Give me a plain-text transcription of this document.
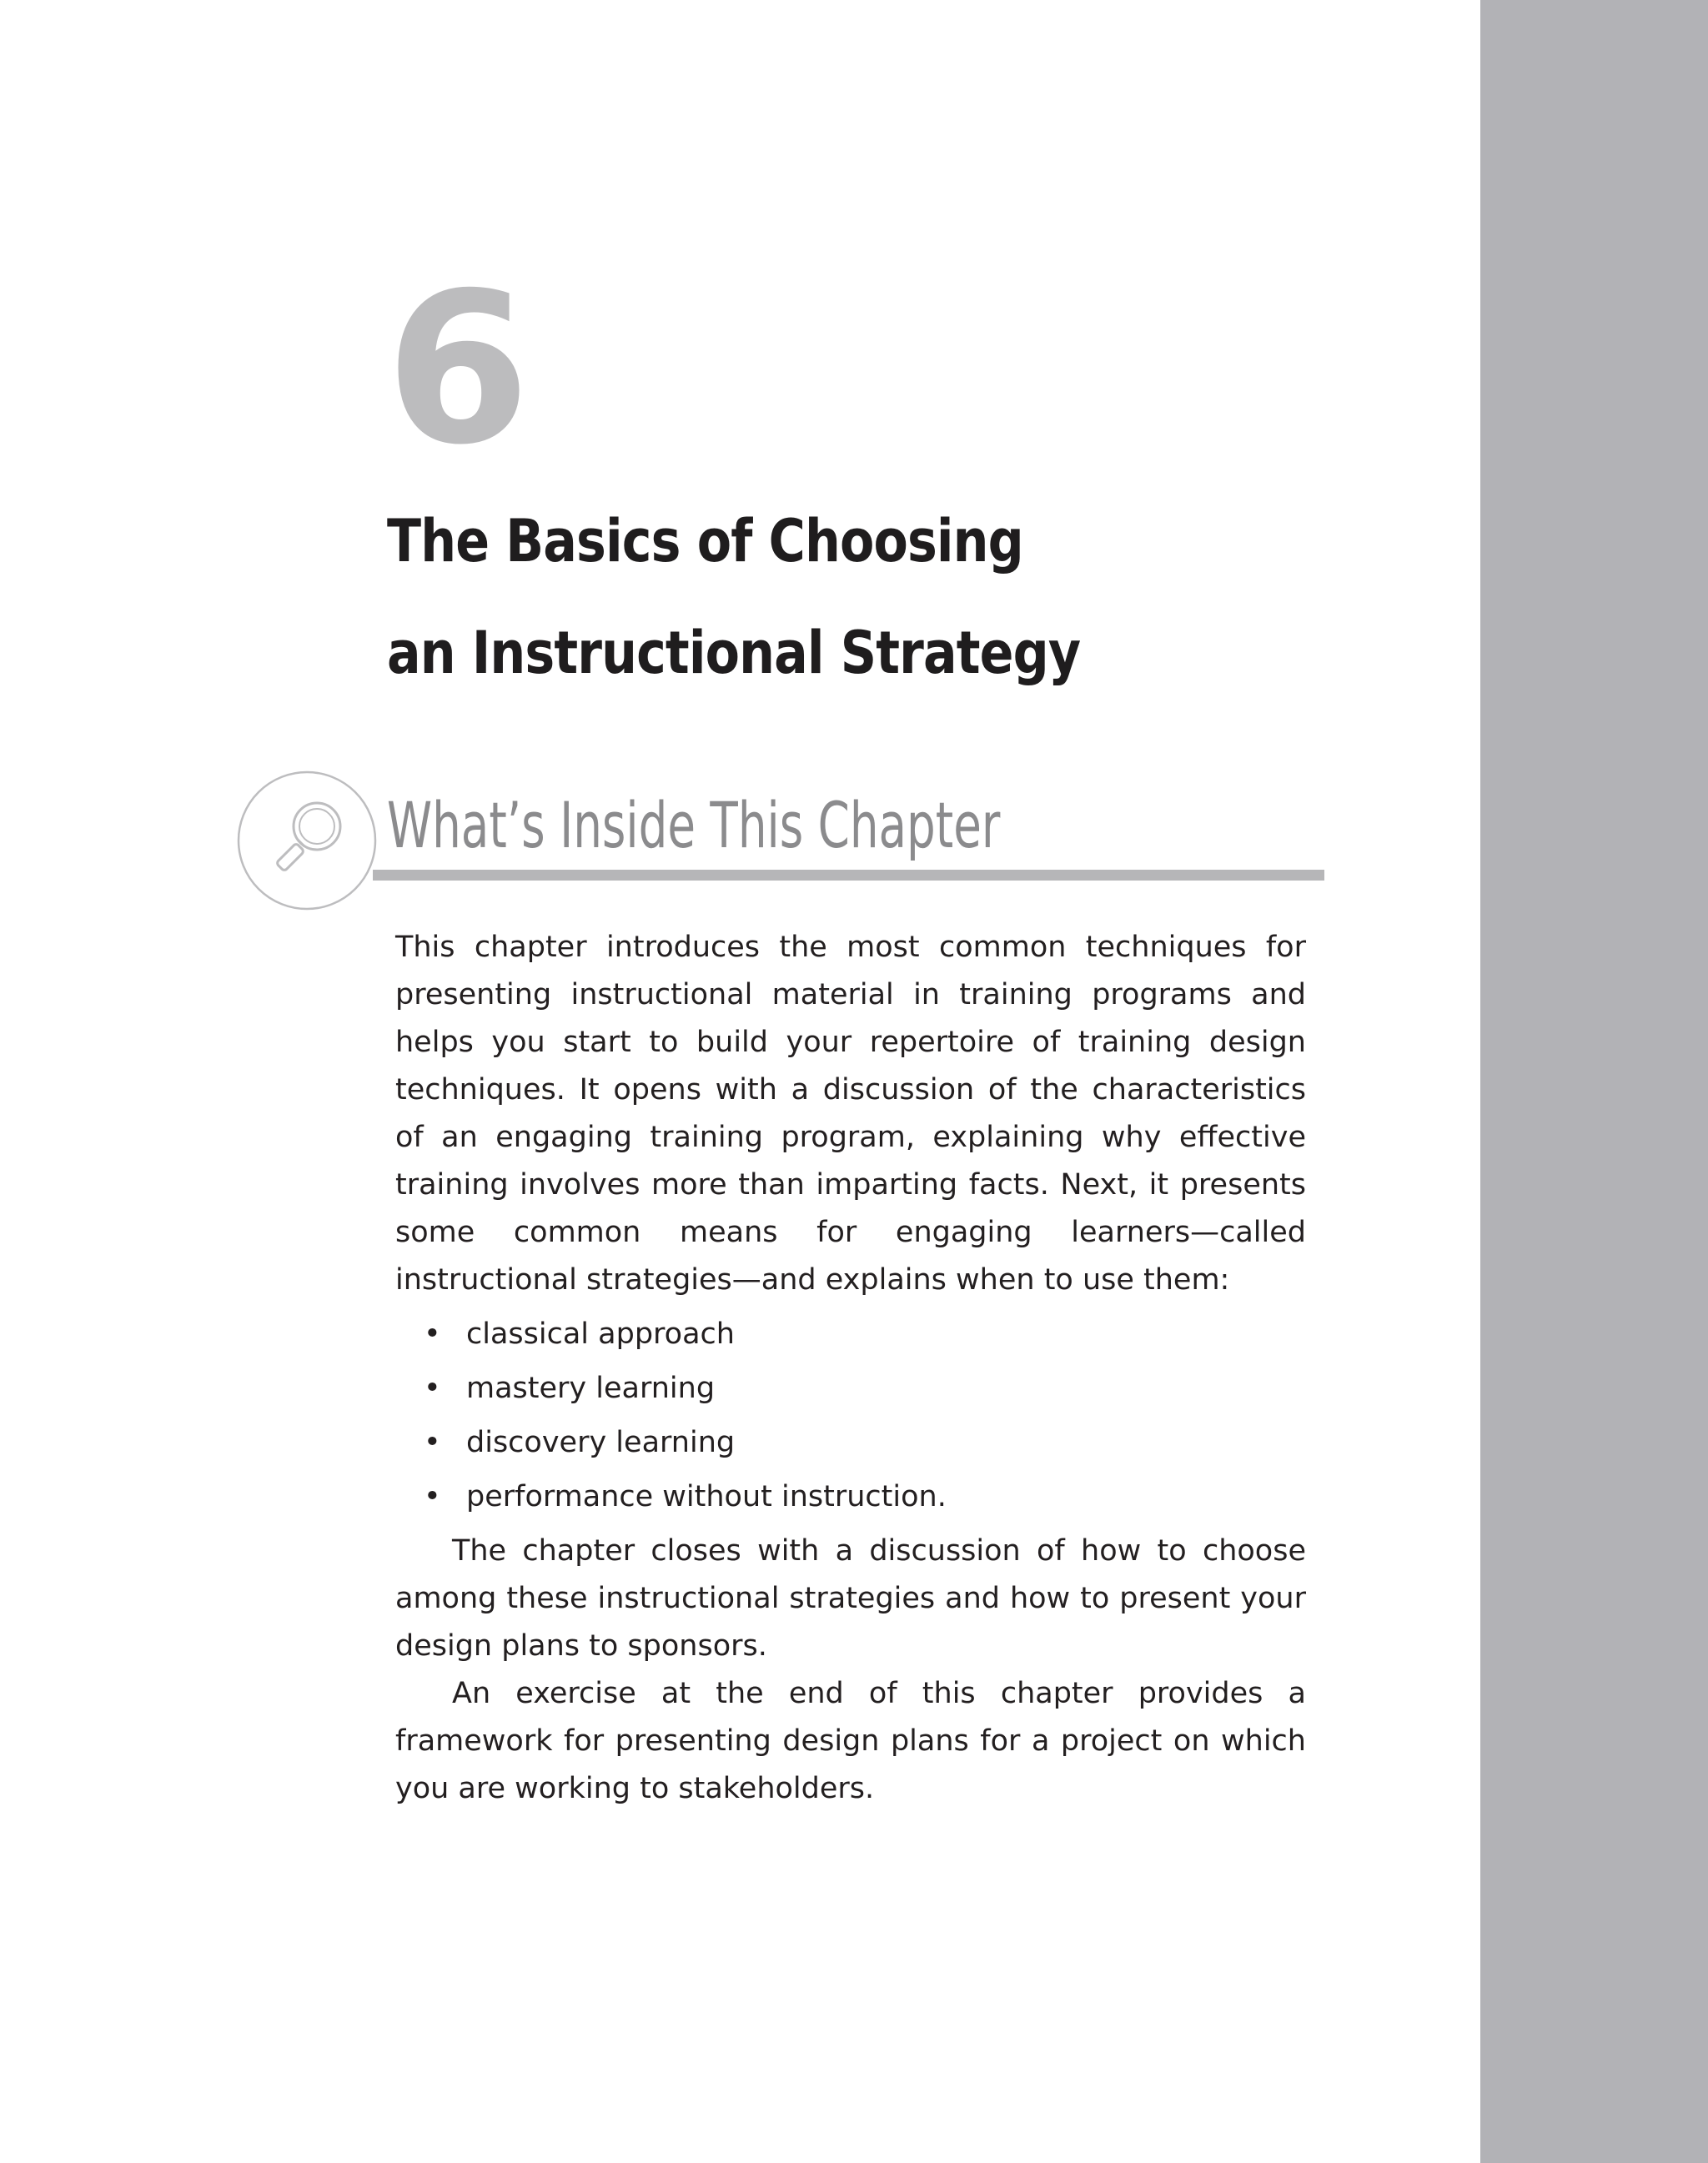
6
The Basics of Choosing
an Instructional Strategy
What’s Inside This Chapter

This chapter introduces the most common techniques for presenting instructional material in training programs and helps you start to build your repertoire of training design techniques. It opens with a discussion of the characteristics of an engaging training program, explaining why effective training involves more than imparting facts. Next, it presents some common means for engaging learners—called instructional strategies—and explains when to use them:

• classical approach
• mastery learning
• discovery learning
• performance without instruction.

The chapter closes with a discussion of how to choose among these instructional strategies and how to present your design plans to sponsors.

An exercise at the end of this chapter provides a framework for presenting design plans for a project on which you are working to stakeholders.
